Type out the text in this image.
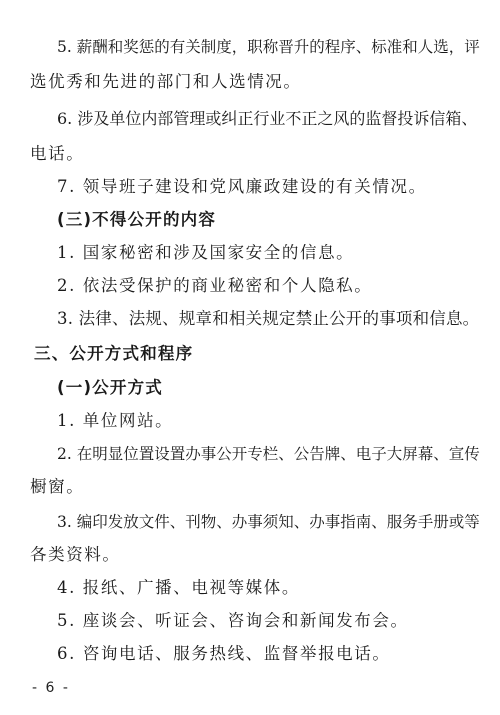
5. 薪酬和奖惩的有关制度，职称晋升的程序、标准和人选，评
选优秀和先进的部门和人选情况。
6. 涉及单位内部管理或纠正行业不正之风的监督投诉信箱、
电话。
7. 领导班子建设和党风廉政建设的有关情况。
(三)不得公开的内容
1. 国家秘密和涉及国家安全的信息。
2. 依法受保护的商业秘密和个人隐私。
3. 法律、法规、规章和相关规定禁止公开的事项和信息。
三、公开方式和程序
(一)公开方式
1. 单位网站。
2. 在明显位置设置办事公开专栏、公告牌、电子大屏幕、宣传
橱窗。
3. 编印发放文件、刊物、办事须知、办事指南、服务手册或等
各类资料。
4. 报纸、广播、电视等媒体。
5. 座谈会、听证会、咨询会和新闻发布会。
6. 咨询电话、服务热线、监督举报电话。
- 6 -
